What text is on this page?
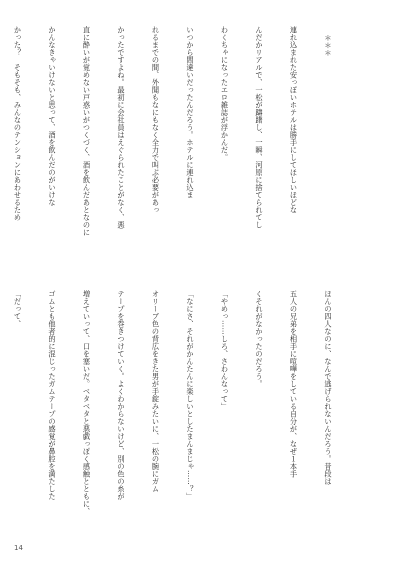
＊＊＊

連れ込まれた安っぽいホテルは勝手にしてほしいほどな

んだかリアルで、一松が躊躇し、一瞬、河原に捨てられてし

わくちゃになったエロ雑誌が浮かんだ。

いつから間違いだったんだろう。ホテルに連れ込ま

れるまでの間、外聞もなにもなく全力で叫ぶ必要があっ

かったですよね。最初に会社員はえぐられたことがなく、悪

直に酔いが覚めない戸惑いがつくづく、酒を飲んだあとなのに

かんなきゃいけないと思って、酒を飲んだのがいけな

かった？　そもそも、みんなのテンションにあわせるため

ほんの四人なのに、なんで逃げられないんだろう。昔段は

五人の兄弟を相手に喧嘩をしている自分が、なぜ１本手

くそれがなかったのだろう。

「やめっ……しろ、さわんなって」

「なにさ、それがかんたんに楽しいとしたまんまじゃ……？」

オリーブ色の背広をきた男が手錠みたいに、一松の腕にガム

テープを巻きつけていく。よくわからないけど、別の色の糸が

増えていって、口を塞いだ。ベタベタと悪戯っぽく感触とともに、

ゴムとも他者的に混じったガムテープの感覚が鼻腔を満たした

「だって、

14
